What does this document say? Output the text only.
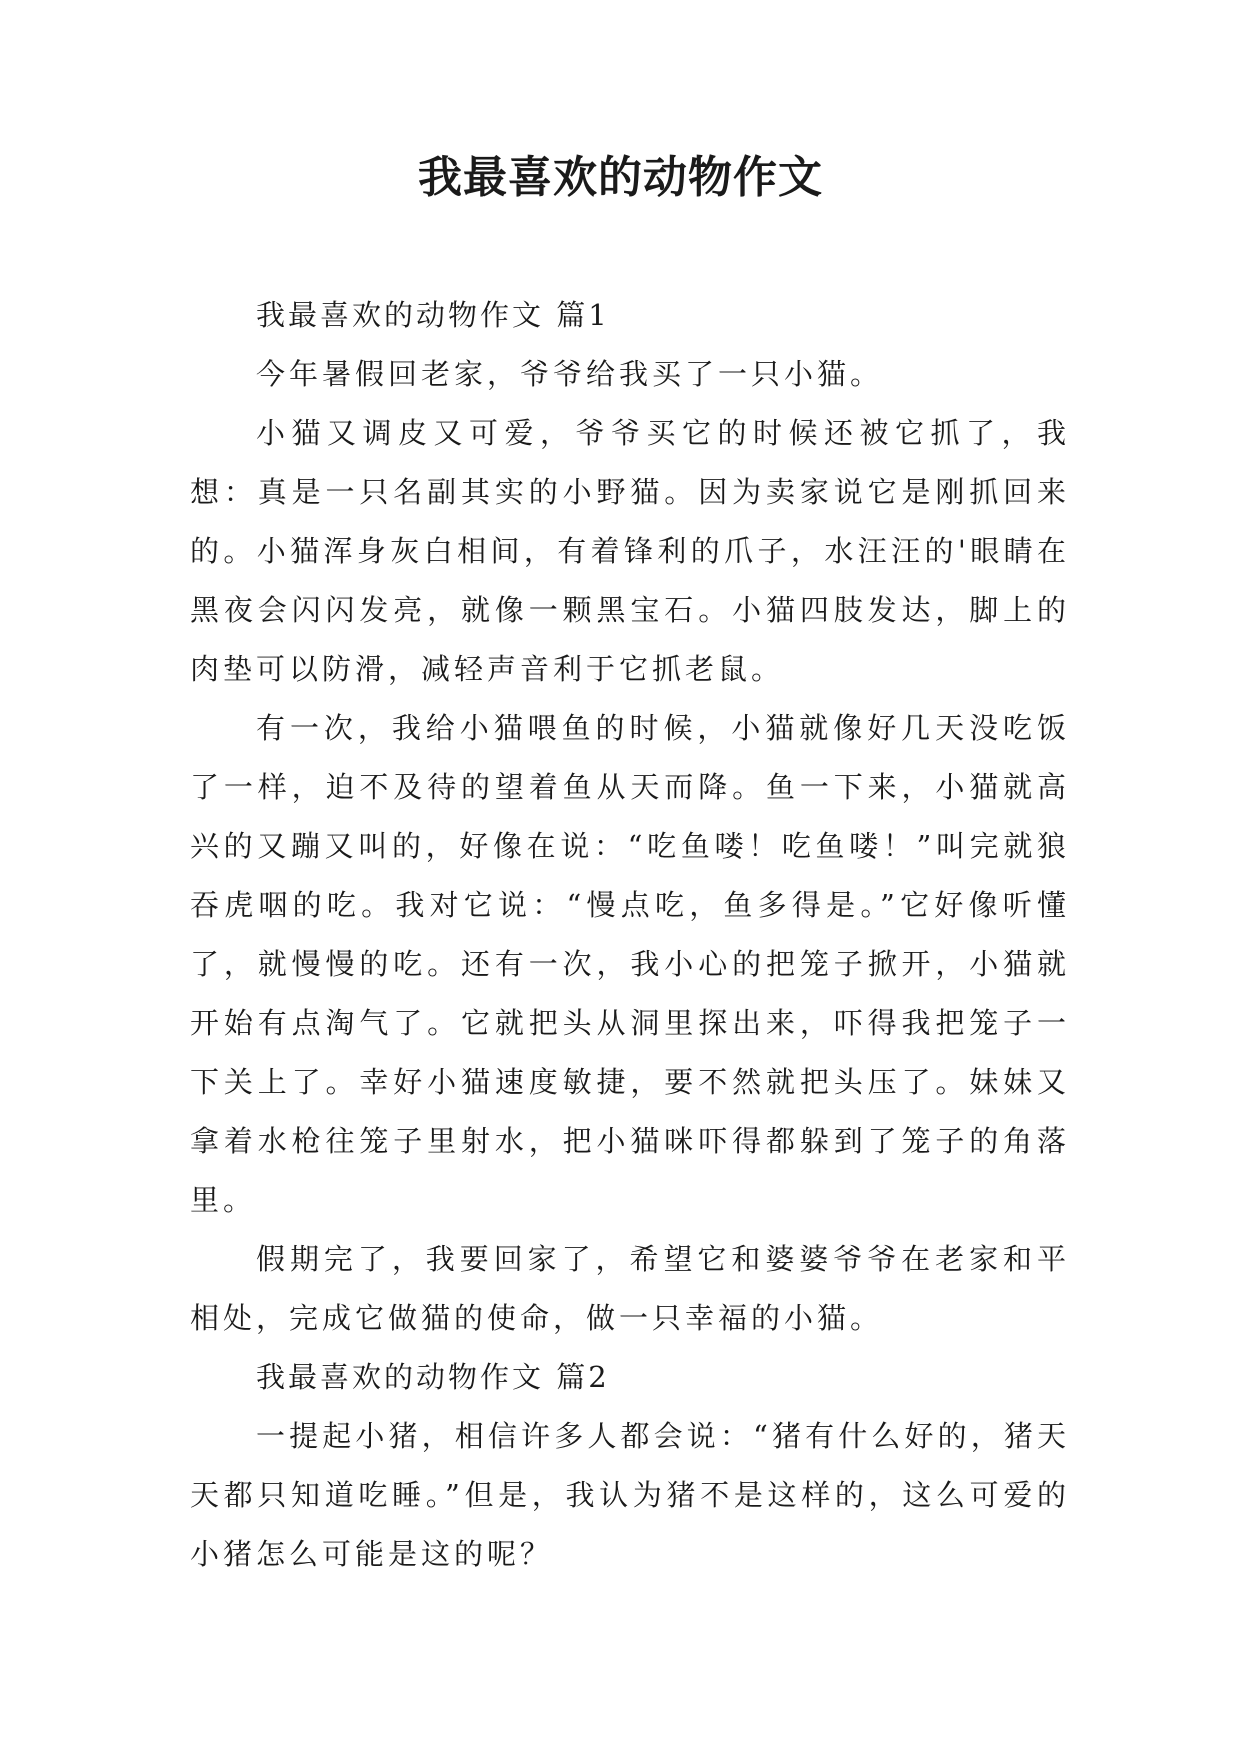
我最喜欢的动物作文

我最喜欢的动物作文 篇1

今年暑假回老家，爷爷给我买了一只小猫。

小猫又调皮又可爱，爷爷买它的时候还被它抓了，我想：真是一只名副其实的小野猫。因为卖家说它是刚抓回来的。小猫浑身灰白相间，有着锋利的爪子，水汪汪的'眼睛在黑夜会闪闪发亮，就像一颗黑宝石。小猫四肢发达，脚上的肉垫可以防滑，减轻声音利于它抓老鼠。

有一次，我给小猫喂鱼的时候，小猫就像好几天没吃饭了一样，迫不及待的望着鱼从天而降。鱼一下来，小猫就高兴的又蹦又叫的，好像在说：“吃鱼喽！吃鱼喽！”叫完就狼吞虎咽的吃。我对它说：“慢点吃，鱼多得是。”它好像听懂了，就慢慢的吃。还有一次，我小心的把笼子掀开，小猫就开始有点淘气了。它就把头从洞里探出来，吓得我把笼子一下关上了。幸好小猫速度敏捷，要不然就把头压了。妹妹又拿着水枪往笼子里射水，把小猫咪吓得都躲到了笼子的角落里。

假期完了，我要回家了，希望它和婆婆爷爷在老家和平相处，完成它做猫的使命，做一只幸福的小猫。

我最喜欢的动物作文 篇2

一提起小猪，相信许多人都会说：“猪有什么好的，猪天天都只知道吃睡。”但是，我认为猪不是这样的，这么可爱的小猪怎么可能是这的呢？
